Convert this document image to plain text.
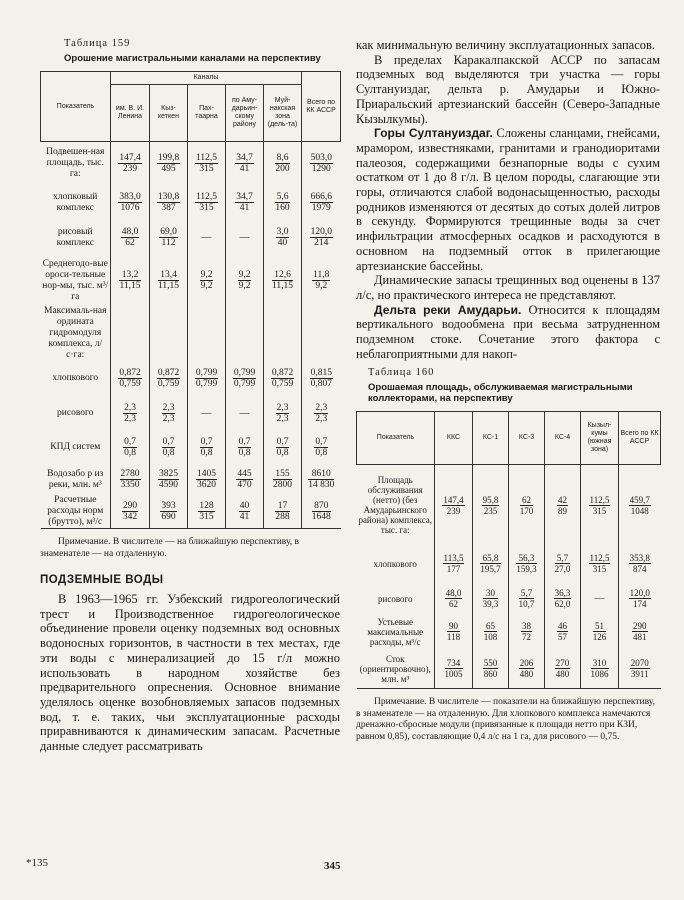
Таблица 159
Орошение магистральными каналами на перспективу
Показатель	Каналы					Всего по КК АССР
	им. В. И. Ленина	Кыз-кеткен	Пах-таарна	по Аму-дарьин-скому району	Муй-накская зона (дель-та)	
Подвешен-ная площадь, тыс. га:	$\frac{147,4}{239}$	$\frac{199,8}{495}$	$\frac{112,5}{315}$	$\frac{34,7}{41}$	$\frac{8,6}{200}$	$\frac{503,0}{1290}$

хлопковый комплекс	$\frac{383,0}{1076}$	$\frac{130,8}{387}$	$\frac{112,5}{315}$	$\frac{34,7}{41}$	$\frac{5,6}{160}$	$\frac{666,6}{1979}$

рисовый комплекс	$\frac{48,0}{62}$	$\frac{69,0}{112}$	—	—	$\frac{3,0}{40}$	$\frac{120,0}{214}$

Среднегодо-вые ороси-тельные нор-мы, тыс. м³/га	$\frac{13,2}{11,15}$	$\frac{13,4}{11,15}$	$\frac{9,2}{9,2}$	$\frac{9,2}{9,2}$	$\frac{12,6}{11,15}$	$\frac{11,8}{9,2}$

Максималь-ная ордината гидромодуля комплекса, л/с·га:						
хлопкового	$\frac{0,872}{0,759}$	$\frac{0,872}{0,759}$	$\frac{0,799}{0,799}$	$\frac{0,799}{0,799}$	$\frac{0,872}{0,759}$	$\frac{0,815}{0,807}$

рисового	$\frac{2,3}{2,3}$	$\frac{2,3}{2,3}$	—	—	$\frac{2,3}{2,3}$	$\frac{2,3}{2,3}$

КПД систем	$\frac{0,7}{0,8}$	$\frac{0,7}{0,8}$	$\frac{0,7}{0,8}$	$\frac{0,7}{0,8}$	$\frac{0,7}{0,8}$	$\frac{0,7}{0,8}$

Водозабо р из реки, млн. м³	$\frac{2780}{3350}$	$\frac{3825}{4590}$	$\frac{1405}{3620}$	$\frac{445}{470}$	$\frac{155}{2800}$	$\frac{8610}{14 830}$

Расчетные расходы норм (брутто), м³/с	$\frac{290}{342}$	$\frac{393}{690}$	$\frac{128}{315}$	$\frac{40}{41}$	$\frac{17}{288}$	$\frac{870}{1648}$
Примечание. В числителе — на ближайшую перспективу, в знаменателе — на отдаленную.
ПОДЗЕМНЫЕ ВОДЫ

В 1963—1965 гг. Узбекский гидрогеологический трест и Производственное гидрогеологическое объединение провели оценку подземных вод основных водоносных горизонтов, в частности в тех местах, где эти воды с минерализацией до 15 г/л можно использовать в народном хозяйстве без предварительного опреснения. Основное внимание уделялось оценке возобновляемых запасов подземных вод, т. е. таких, чьи эксплуатационные расходы приравниваются к динамическим запасам. Расчетные данные следует рассматривать

как минимальную величину эксплуатационных запасов.

В пределах Каракалпакской АССР по запасам подземных вод выделяются три участка — горы Султануиздаг, дельта р. Амударьи и Южно-Приаральский артезианский бассейн (Северо-Западные Кызылкумы).

Горы Султануиздаг. Сложены сланцами, гнейсами, мрамором, известняками, гранитами и гранодиоритами палеозоя, содержащими безнапорные воды с сухим остатком от 1 до 8 г/л. В целом породы, слагающие эти горы, отличаются слабой водонасыщенностью, расходы родников изменяются от десятых до сотых долей литров в секунду. Формируются трещинные воды за счет инфильтрации атмосферных осадков и расходуются в основном на подземный отток в прилегающие артезианские бассейны.

Динамические запасы трещинных вод оценены в 137 л/с, но практического интереса не представляют.

Дельта реки Амударьи. Относится к площадям вертикального водообмена при весьма затрудненном подземном стоке. Сочетание этого фактора с неблагоприятными для накоп-

Таблица 160
Орошаемая площадь, обслуживаемая магистральными коллекторами, на перспективу
Показатель	ККС	КС-1	КС-3	КС-4	Кызыл-кумы (южная зона)	Всего по КК АССР
Площадь обслуживания (нетто) (без Амударьинского района) комплекса, тыс. га:	$\frac{147,4}{239}$	$\frac{95,8}{235}$	$\frac{62}{170}$	$\frac{42}{89}$	$\frac{112,5}{315}$	$\frac{459,7}{1048}$

хлопкового	$\frac{113,5}{177}$	$\frac{65,8}{195,7}$	$\frac{56,3}{159,3}$	$\frac{5,7}{27,0}$	$\frac{112,5}{315}$	$\frac{353,8}{874}$

рисового	$\frac{48,0}{62}$	$\frac{30}{39,3}$	$\frac{5,7}{10,7}$	$\frac{36,3}{62,0}$	—	$\frac{120,0}{174}$

Устьевые максимальные расходы, м³/с	$\frac{90}{118}$	$\frac{65}{108}$	$\frac{38}{72}$	$\frac{46}{57}$	$\frac{51}{126}$	$\frac{290}{481}$

Сток (ориентировочно), млн. м³	$\frac{734}{1005}$	$\frac{550}{860}$	$\frac{206}{480}$	$\frac{270}{480}$	$\frac{310}{1086}$	$\frac{2070}{3911}$
Примечание. В числителе — показатели на ближайшую перспективу, в знаменателе — на отдаленную. Для хлопкового комплекса намечаются дренажно-сбросные модули (привязанные к площади нетто при КЗИ, равном 0,85), составляющие 0,4 л/с на 1 га, для рисового — 0,75.
*135	345
